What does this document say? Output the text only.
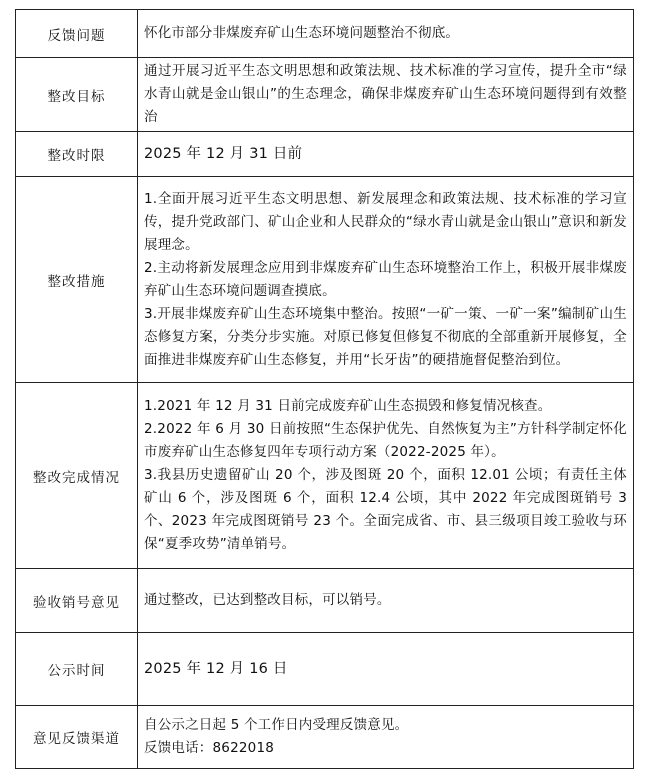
反馈问题	怀化市部分非煤废弃矿山生态环境问题整治不彻底。

整改目标	通过开展习近平生态文明思想和政策法规、技术标准的学习宣传，提升全市“绿水青山就是金山银山”的生态理念，确保非煤废弃矿山生态环境问题得到有效整治

整改时限	2025 年 12 月 31 日前

整改措施	1.全面开展习近平生态文明思想、新发展理念和政策法规、技术标准的学习宣传，提升党政部门、矿山企业和人民群众的“绿水青山就是金山银山”意识和新发展理念。
2.主动将新发展理念应用到非煤废弃矿山生态环境整治工作上，积极开展非煤废弃矿山生态环境问题调查摸底。
3.开展非煤废弃矿山生态环境集中整治。按照“一矿一策、一矿一案”编制矿山生态修复方案，分类分步实施。对原已修复但修复不彻底的全部重新开展修复，全面推进非煤废弃矿山生态修复，并用“长牙齿”的硬措施督促整治到位。

整改完成情况	1.2021 年 12 月 31 日前完成废弃矿山生态损毁和修复情况核查。
2.2022 年 6 月 30 日前按照“生态保护优先、自然恢复为主”方针科学制定怀化市废弃矿山生态修复四年专项行动方案（2022-2025 年）。
3.我县历史遗留矿山 20 个，涉及图斑 20 个，面积 12.01 公顷；有责任主体矿山 6 个，涉及图斑 6 个，面积 12.4 公顷，其中 2022 年完成图斑销号 3 个、2023 年完成图斑销号 23 个。全面完成省、市、县三级项目竣工验收与环保“夏季攻势”清单销号。

验收销号意见	通过整改，已达到整改目标，可以销号。

公示时间	2025 年 12 月 16 日

意见反馈渠道	自公示之日起 5 个工作日内受理反馈意见。
反馈电话：8622018
